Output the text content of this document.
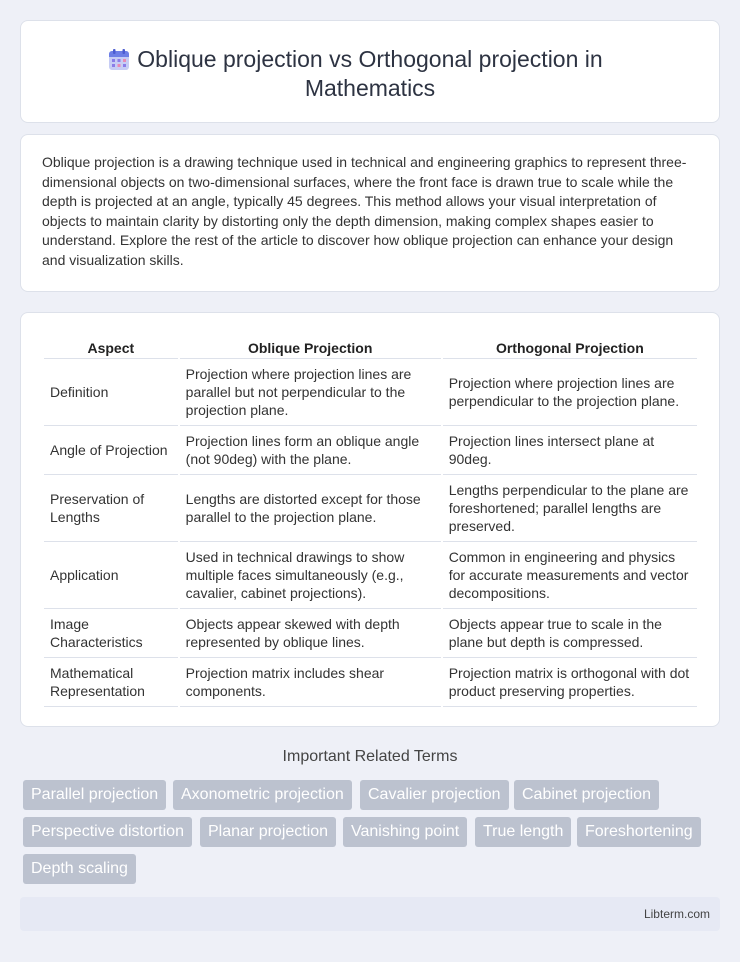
Oblique projection vs Orthogonal projection in Mathematics

Oblique projection is a drawing technique used in technical and engineering graphics to represent three-dimensional objects on two-dimensional surfaces, where the front face is drawn true to scale while the depth is projected at an angle, typically 45 degrees. This method allows your visual interpretation of objects to maintain clarity by distorting only the depth dimension, making complex shapes easier to understand. Explore the rest of the article to discover how oblique projection can enhance your design and visualization skills.

Aspect	Oblique Projection	Orthogonal Projection
Definition	Projection where projection lines are parallel but not perpendicular to the projection plane.	Projection where projection lines are perpendicular to the projection plane.
Angle of Projection	Projection lines form an oblique angle (not 90deg) with the plane.	Projection lines intersect plane at 90deg.
Preservation of Lengths	Lengths are distorted except for those parallel to the projection plane.	Lengths perpendicular to the plane are foreshortened; parallel lengths are preserved.
Application	Used in technical drawings to show multiple faces simultaneously (e.g., cavalier, cabinet projections).	Common in engineering and physics for accurate measurements and vector decompositions.
Image Characteristics	Objects appear skewed with depth represented by oblique lines.	Objects appear true to scale in the plane but depth is compressed.
Mathematical Representation	Projection matrix includes shear components.	Projection matrix is orthogonal with dot product preserving properties.
Important Related Terms
Parallel projection	Axonometric projection	Cavalier projection	Cabinet projection
Perspective distortion	Planar projection	Vanishing point	True length	Foreshortening
Depth scaling
Libterm.com
